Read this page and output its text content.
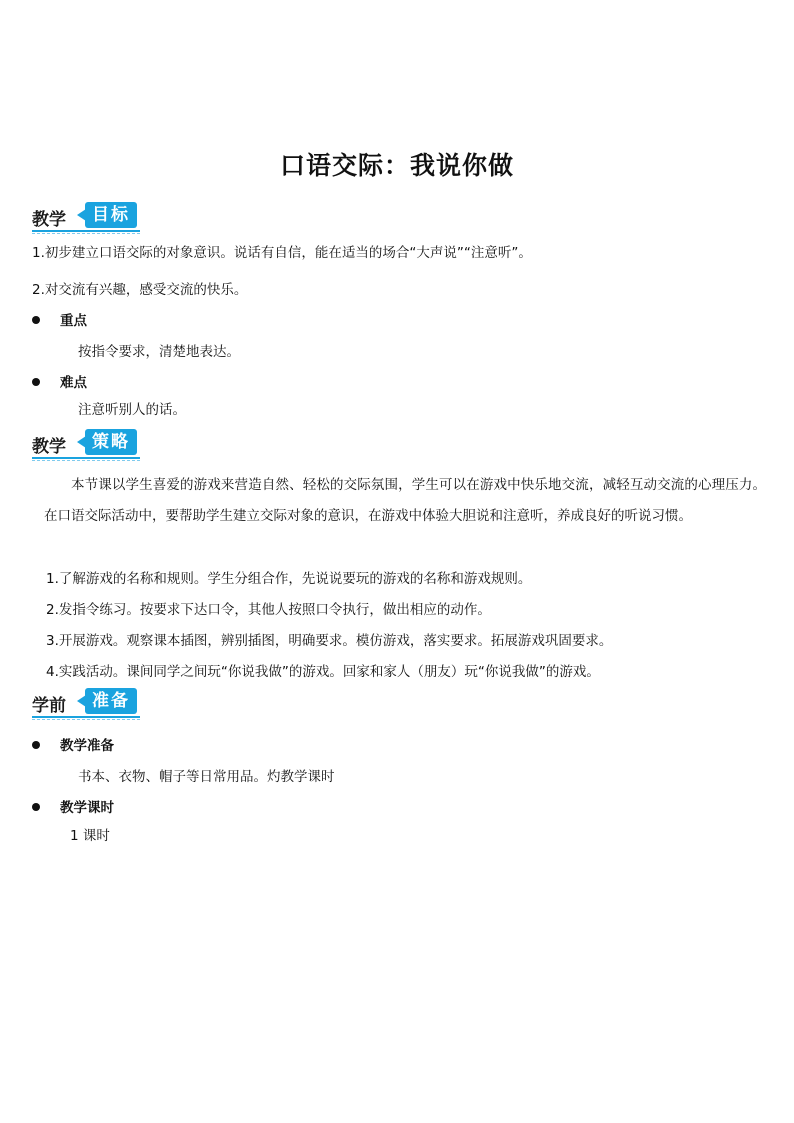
口语交际：我说你做
教学	目标
1.初步建立口语交际的对象意识。说话有自信，能在适当的场合“大声说”“注意听”。
2.对交流有兴趣，感受交流的快乐。
重点
按指令要求，清楚地表达。
难点
注意听别人的话。
教学	策略
本节课以学生喜爱的游戏来营造自然、轻松的交际氛围，学生可以在游戏中快乐地交流，减轻互动交流的心理压力。在口语交际活动中，要帮助学生建立交际对象的意识，在游戏中体验大胆说和注意听，养成良好的听说习惯。
1.了解游戏的名称和规则。学生分组合作，先说说要玩的游戏的名称和游戏规则。
2.发指令练习。按要求下达口令，其他人按照口令执行，做出相应的动作。
3.开展游戏。观察课本插图，辨别插图，明确要求。模仿游戏，落实要求。拓展游戏巩固要求。
4.实践活动。课间同学之间玩“你说我做”的游戏。回家和家人（朋友）玩“你说我做”的游戏。
学前	准备
教学准备
书本、衣物、帽子等日常用品。灼教学课时
教学课时
1 课时
